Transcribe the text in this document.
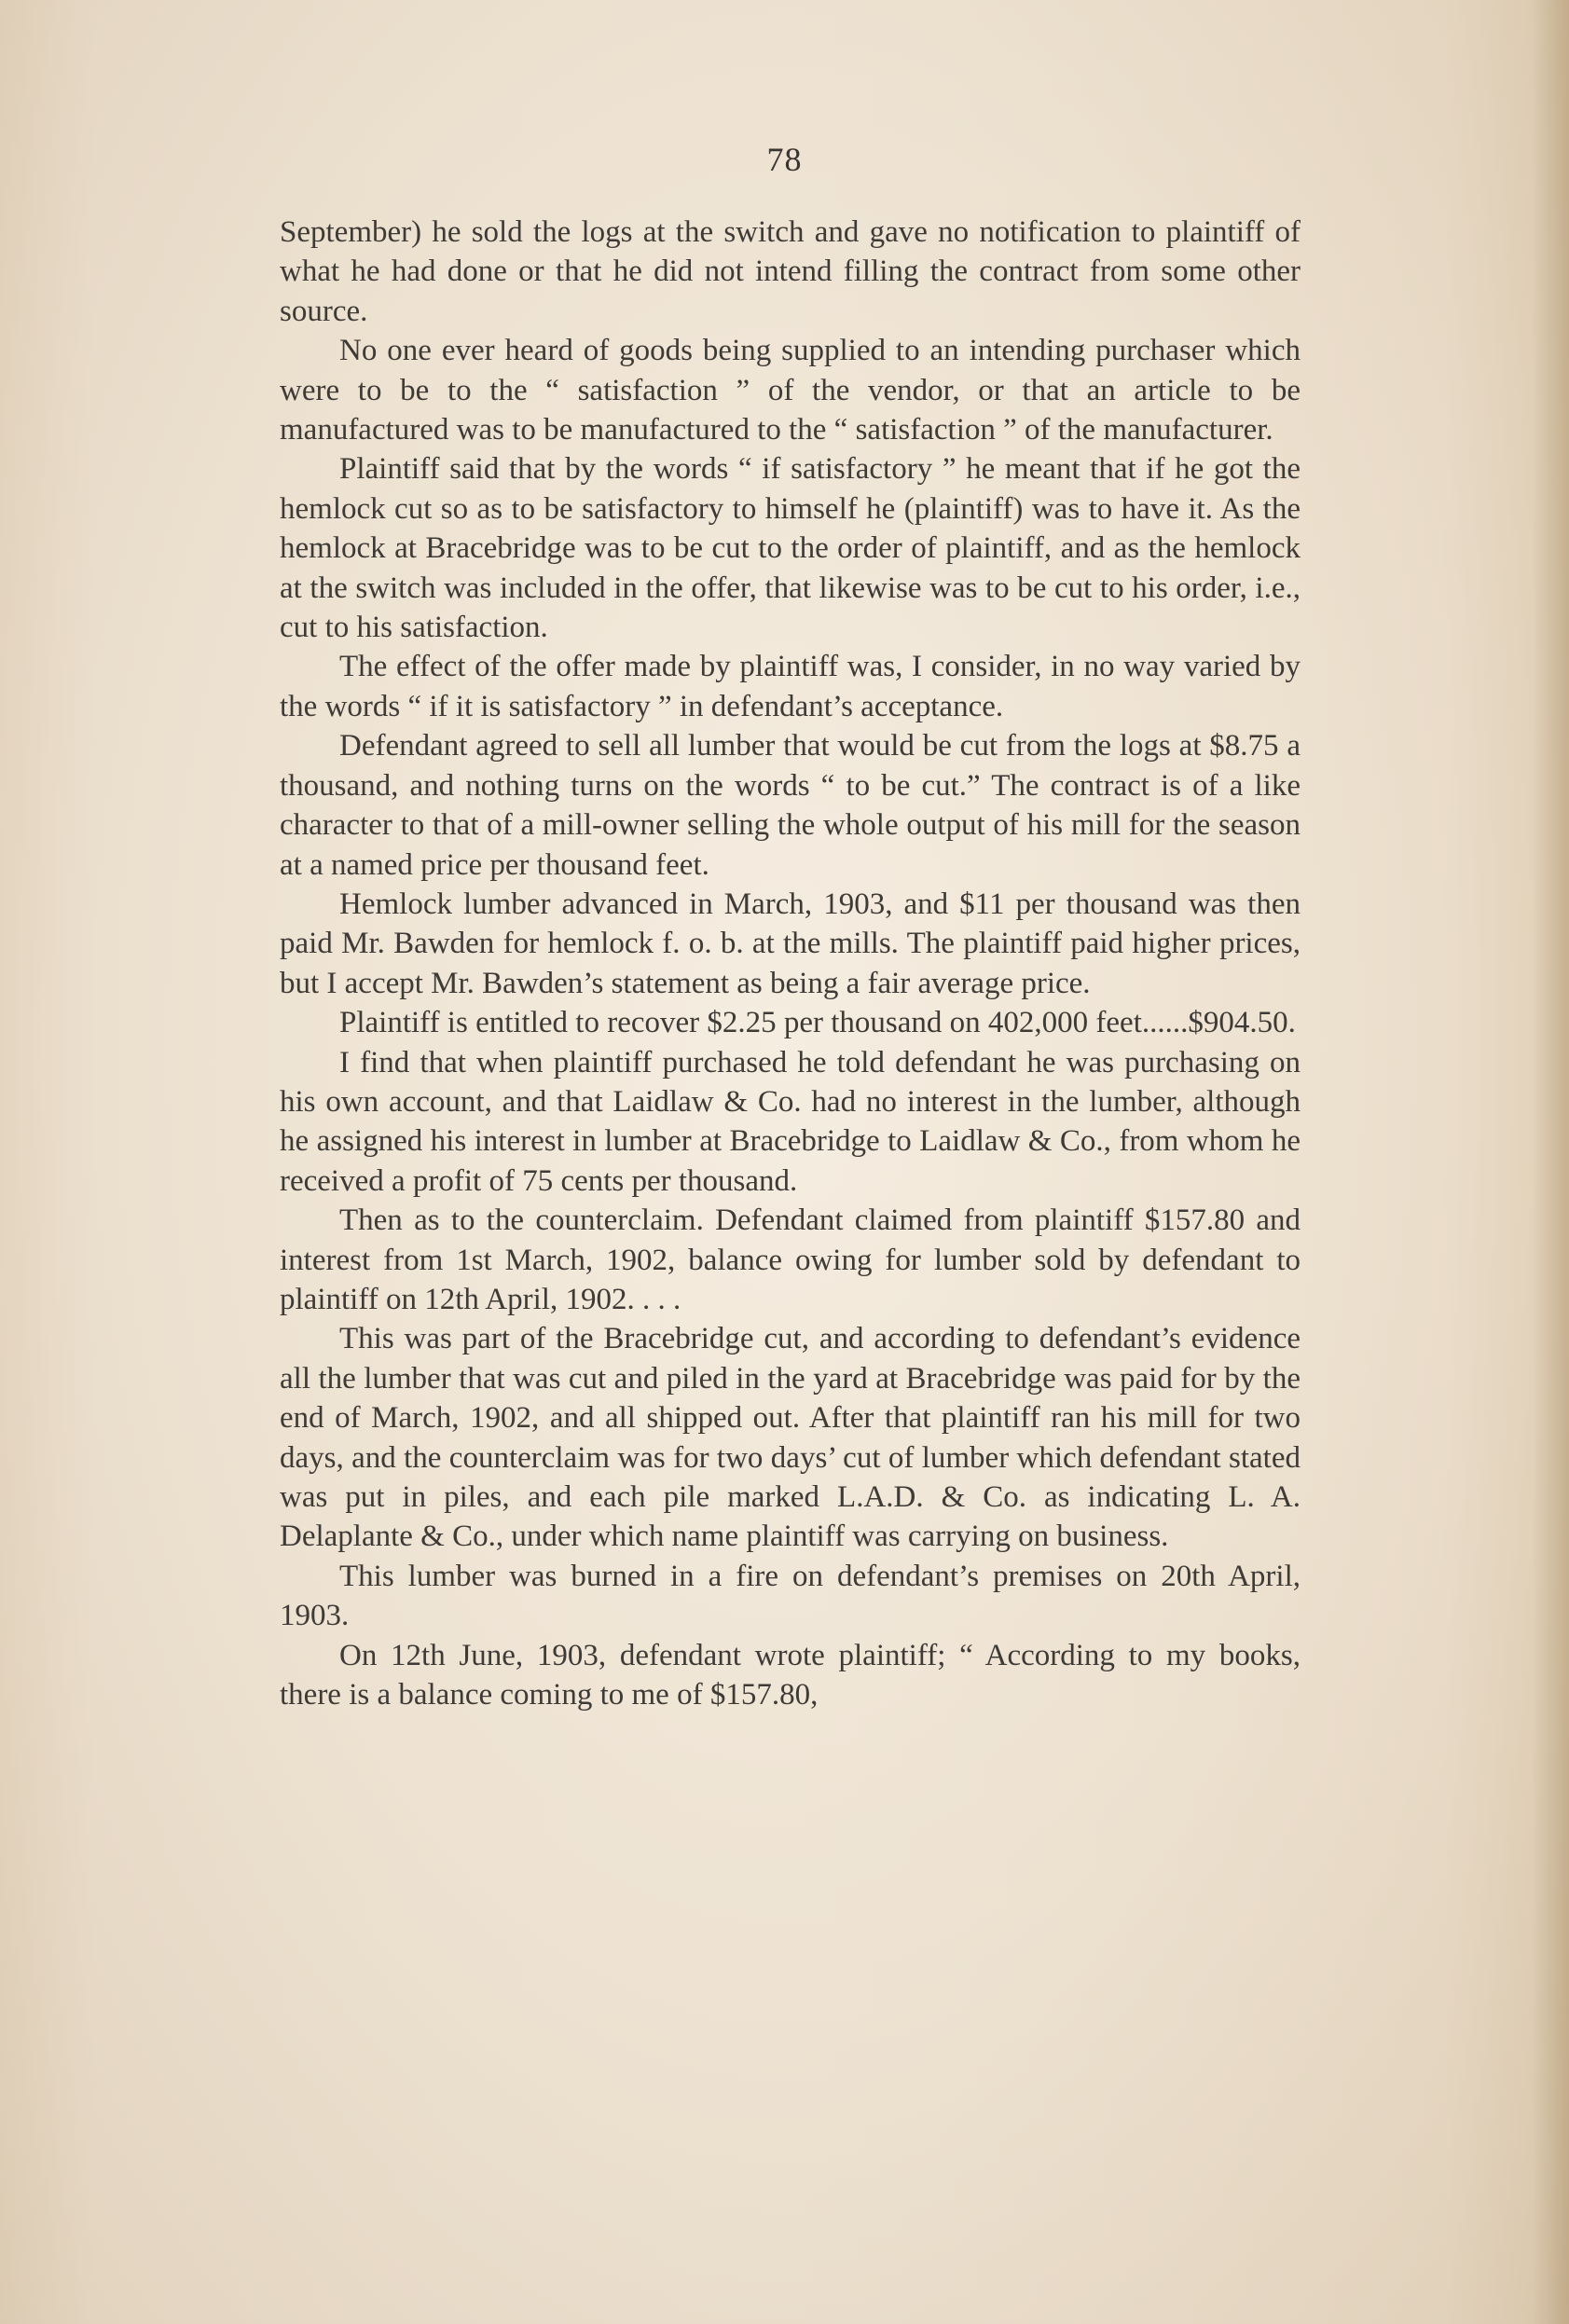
78

September) he sold the logs at the switch and gave no notification to plaintiff of what he had done or that he did not intend filling the contract from some other source.

No one ever heard of goods being supplied to an intending purchaser which were to be to the “ satisfaction ” of the vendor, or that an article to be manufactured was to be manufactured to the “ satisfaction ” of the manufacturer.

Plaintiff said that by the words “ if satisfactory ” he meant that if he got the hemlock cut so as to be satisfactory to himself he (plaintiff) was to have it. As the hemlock at Bracebridge was to be cut to the order of plaintiff, and as the hemlock at the switch was included in the offer, that likewise was to be cut to his order, i.e., cut to his satisfaction.

The effect of the offer made by plaintiff was, I consider, in no way varied by the words “ if it is satisfactory ” in defendant’s acceptance.

Defendant agreed to sell all lumber that would be cut from the logs at $8.75 a thousand, and nothing turns on the words “ to be cut.” The contract is of a like character to that of a mill-owner selling the whole output of his mill for the season at a named price per thousand feet.

Hemlock lumber advanced in March, 1903, and $11 per thousand was then paid Mr. Bawden for hemlock f. o. b. at the mills. The plaintiff paid higher prices, but I accept Mr. Bawden’s statement as being a fair average price.

Plaintiff is entitled to recover $2.25 per thousand on 402,000 feet......$904.50.

I find that when plaintiff purchased he told defendant he was purchasing on his own account, and that Laidlaw & Co. had no interest in the lumber, although he assigned his interest in lumber at Bracebridge to Laidlaw & Co., from whom he received a profit of 75 cents per thousand.

Then as to the counterclaim. Defendant claimed from plaintiff $157.80 and interest from 1st March, 1902, balance owing for lumber sold by defendant to plaintiff on 12th April, 1902. . . .

This was part of the Bracebridge cut, and according to defendant’s evidence all the lumber that was cut and piled in the yard at Bracebridge was paid for by the end of March, 1902, and all shipped out. After that plaintiff ran his mill for two days, and the counterclaim was for two days’ cut of lumber which defendant stated was put in piles, and each pile marked L.A.D. & Co. as indicating L. A. Delaplante & Co., under which name plaintiff was carrying on business.

This lumber was burned in a fire on defendant’s premises on 20th April, 1903.

On 12th June, 1903, defendant wrote plaintiff; “ According to my books, there is a balance coming to me of $157.80,
